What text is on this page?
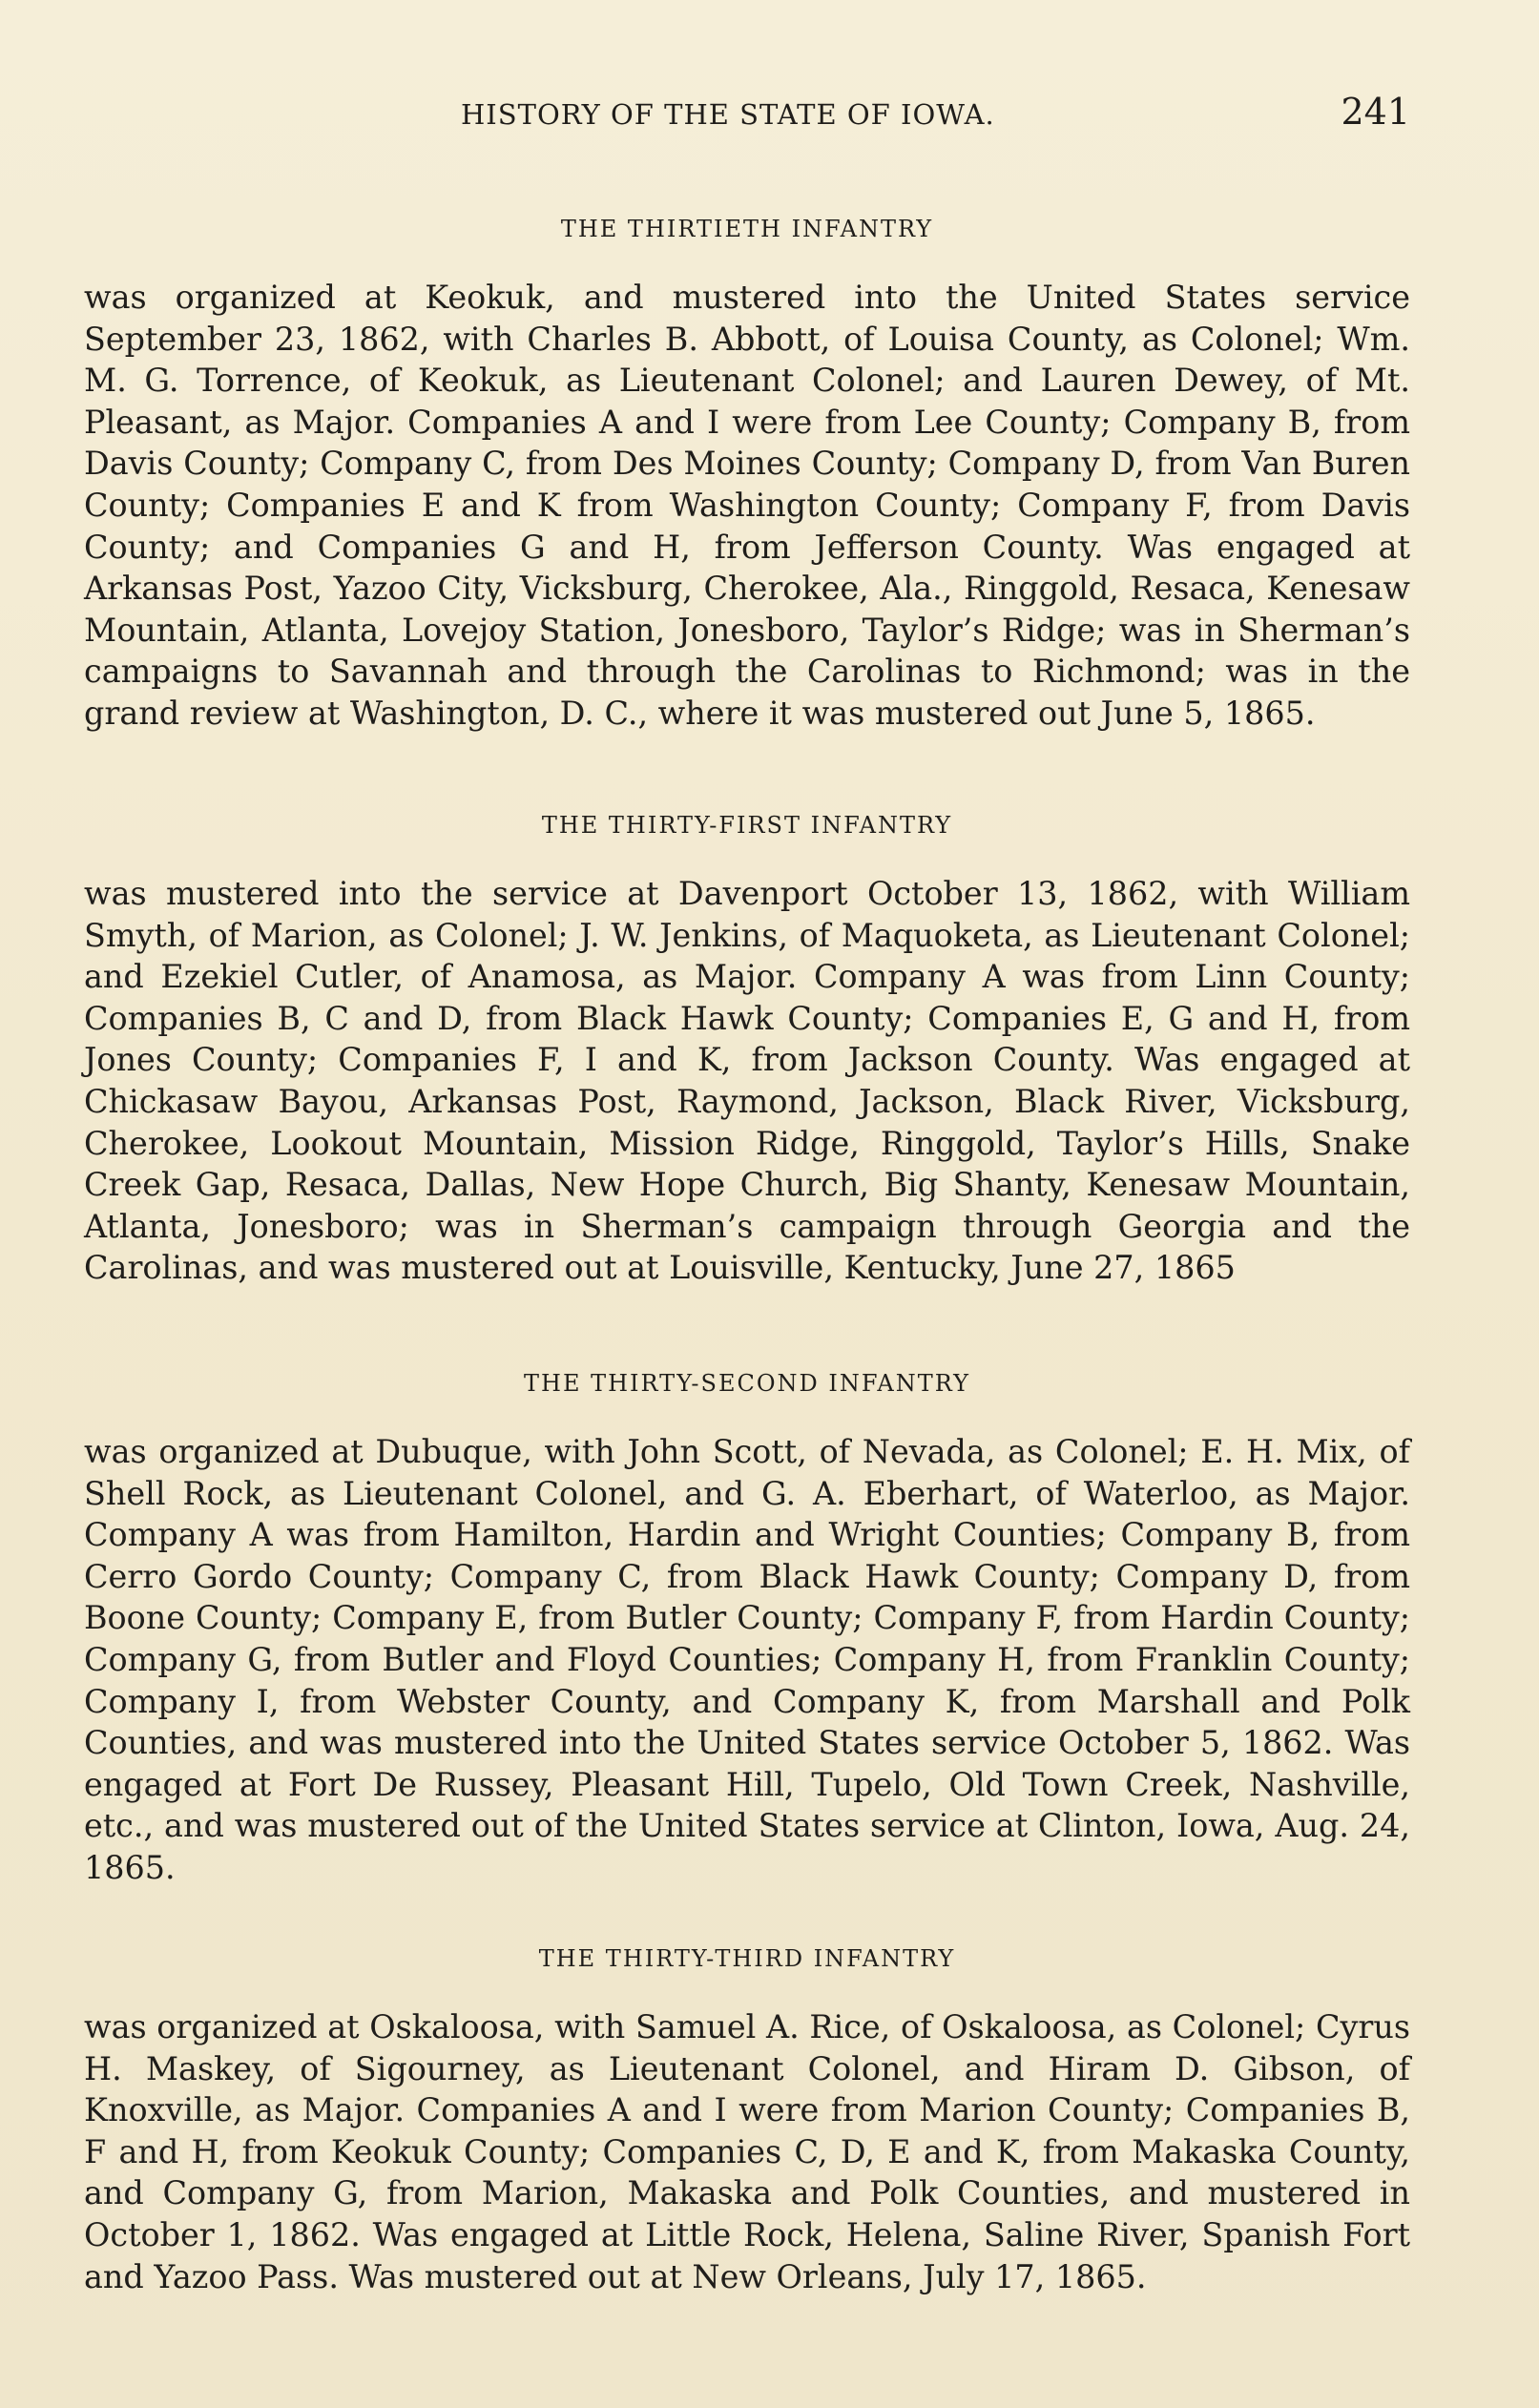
HISTORY OF THE STATE OF IOWA.	241
THE THIRTIETH INFANTRY

was organized at Keokuk, and mustered into the United States service September 23, 1862, with Charles B. Abbott, of Louisa County, as Colonel; Wm. M. G. Torrence, of Keokuk, as Lieutenant Colonel; and Lauren Dewey, of Mt. Pleasant, as Major. Companies A and I were from Lee County; Company B, from Davis County; Company C, from Des Moines County; Company D, from Van Buren County; Companies E and K from Washington County; Company F, from Davis County; and Companies G and H, from Jefferson County. Was engaged at Arkansas Post, Yazoo City, Vicksburg, Cherokee, Ala., Ringgold, Resaca, Kenesaw Mountain, Atlanta, Lovejoy Station, Jonesboro, Taylor’s Ridge; was in Sherman’s campaigns to Savannah and through the Carolinas to Richmond; was in the grand review at Washington, D. C., where it was mustered out June 5, 1865.

THE THIRTY-FIRST INFANTRY

was mustered into the service at Davenport October 13, 1862, with William Smyth, of Marion, as Colonel; J. W. Jenkins, of Maquoketa, as Lieutenant Colonel; and Ezekiel Cutler, of Anamosa, as Major. Company A was from Linn County; Companies B, C and D, from Black Hawk County; Companies E, G and H, from Jones County; Companies F, I and K, from Jackson County. Was engaged at Chickasaw Bayou, Arkansas Post, Raymond, Jackson, Black River, Vicksburg, Cherokee, Lookout Mountain, Mission Ridge, Ringgold, Taylor’s Hills, Snake Creek Gap, Resaca, Dallas, New Hope Church, Big Shanty, Kenesaw Mountain, Atlanta, Jonesboro; was in Sherman’s campaign through Georgia and the Carolinas, and was mustered out at Louisville, Kentucky, June 27, 1865

THE THIRTY-SECOND INFANTRY

was organized at Dubuque, with John Scott, of Nevada, as Colonel; E. H. Mix, of Shell Rock, as Lieutenant Colonel, and G. A. Eberhart, of Waterloo, as Major. Company A was from Hamilton, Hardin and Wright Counties; Company B, from Cerro Gordo County; Company C, from Black Hawk County; Company D, from Boone County; Company E, from Butler County; Company F, from Hardin County; Company G, from Butler and Floyd Counties; Company H, from Franklin County; Company I, from Webster County, and Company K, from Marshall and Polk Counties, and was mustered into the United States service October 5, 1862. Was engaged at Fort De Russey, Pleasant Hill, Tupelo, Old Town Creek, Nashville, etc., and was mustered out of the United States service at Clinton, Iowa, Aug. 24, 1865.

THE THIRTY-THIRD INFANTRY

was organized at Oskaloosa, with Samuel A. Rice, of Oskaloosa, as Colonel; Cyrus H. Maskey, of Sigourney, as Lieutenant Colonel, and Hiram D. Gibson, of Knoxville, as Major. Companies A and I were from Marion County; Companies B, F and H, from Keokuk County; Companies C, D, E and K, from Makaska County, and Company G, from Marion, Makaska and Polk Counties, and mustered in October 1, 1862. Was engaged at Little Rock, Helena, Saline River, Spanish Fort and Yazoo Pass. Was mustered out at New Orleans, July 17, 1865.
